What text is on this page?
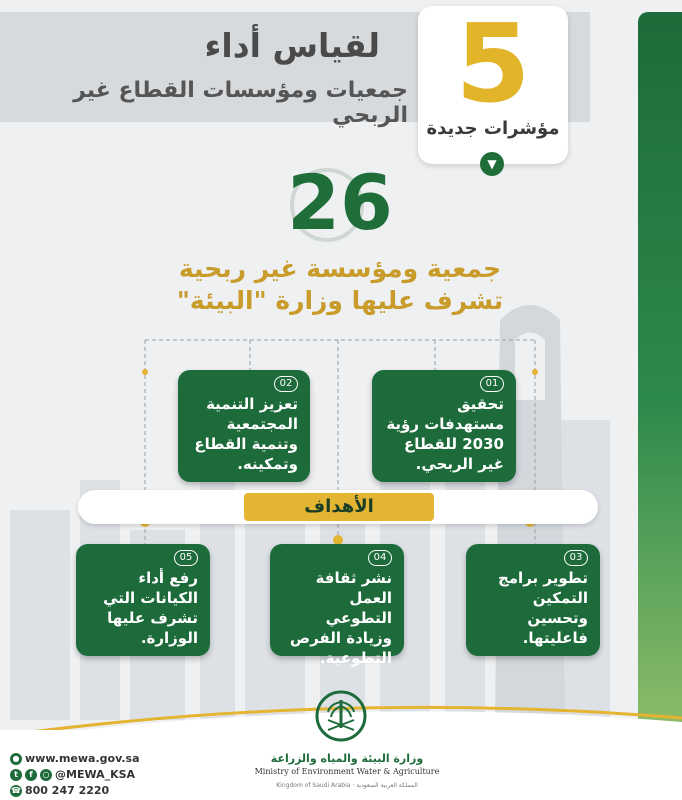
لقياس أداء
جمعيات ومؤسسات القطاع غير الربحي 5
مؤشرات جديدة
▼
26
جمعية ومؤسسة غير ربحية
تشرف عليها وزارة "البيئة"
01
تحقيق مستهدفات رؤية 2030 للقطاع غير الربحي.
02
تعزيز التنمية المجتمعية وتنمية القطاع وتمكينه.
الأهداف
03
تطوير برامج التمكين وتحسين فاعليتها.
04
نشر ثقافة العمل التطوعي وزيادة الفرص التطوعية.
05
رفع أداء الكيانات التي تشرف عليها الوزارة.
● www.mewa.gov.sa
t f ○ @MEWA_KSA
☎ 800 247 2220
وزارة البيئة والمياه والزراعة
Ministry of Environment Water & Agriculture
Kingdom of Saudi Arabia · المملكة العربية السعودية
